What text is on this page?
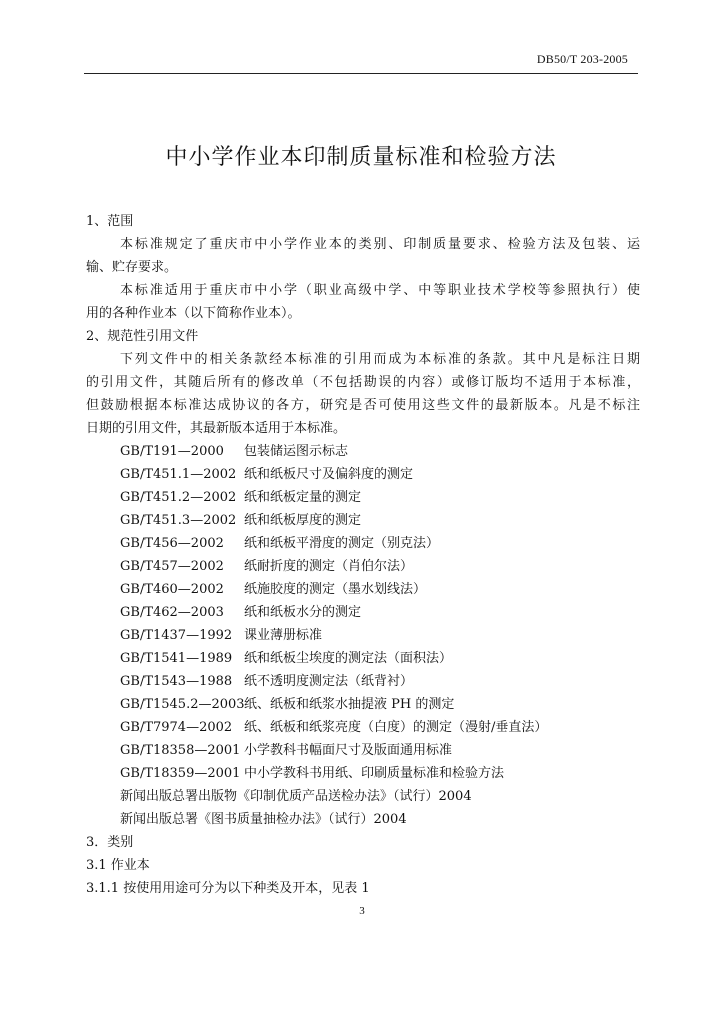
DB50/T 203-2005
中小学作业本印制质量标准和检验方法
1、范围
本标准规定了重庆市中小学作业本的类别、印制质量要求、检验方法及包装、运
输、贮存要求。
本标准适用于重庆市中小学（职业高级中学、中等职业技术学校等参照执行）使
用的各种作业本（以下简称作业本）。
2、规范性引用文件
下列文件中的相关条款经本标准的引用而成为本标准的条款。其中凡是标注日期
的引用文件，其随后所有的修改单（不包括勘误的内容）或修订版均不适用于本标准，
但鼓励根据本标准达成协议的各方，研究是否可使用这些文件的最新版本。凡是不标注
日期的引用文件，其最新版本适用于本标准。
GB/T191—2000	包装储运图示标志
GB/T451.1—2002 纸和纸板尺寸及偏斜度的测定
GB/T451.2—2002 纸和纸板定量的测定
GB/T451.3—2002 纸和纸板厚度的测定
GB/T456—2002	纸和纸板平滑度的测定（别克法）
GB/T457—2002	纸耐折度的测定（肖伯尔法）
GB/T460—2002	纸施胶度的测定（墨水划线法）
GB/T462—2003	纸和纸板水分的测定
GB/T1437—1992 课业薄册标准
GB/T1541—1989 纸和纸板尘埃度的测定法（面积法）
GB/T1543—1988 纸不透明度测定法（纸背衬）
GB/T1545.2—2003 纸、纸板和纸浆水抽提液 PH 的测定
GB/T7974—2002 纸、纸板和纸浆亮度（白度）的测定（漫射/垂直法）
GB/T18358—2001 小学教科书幅面尺寸及版面通用标准
GB/T18359—2001 中小学教科书用纸、印刷质量标准和检验方法
新闻出版总署出版物《印制优质产品送检办法》（试行）2004
新闻出版总署《图书质量抽检办法》（试行）2004
3．类别
3.1 作业本
3.1.1 按使用用途可分为以下种类及开本，见表 1
3
